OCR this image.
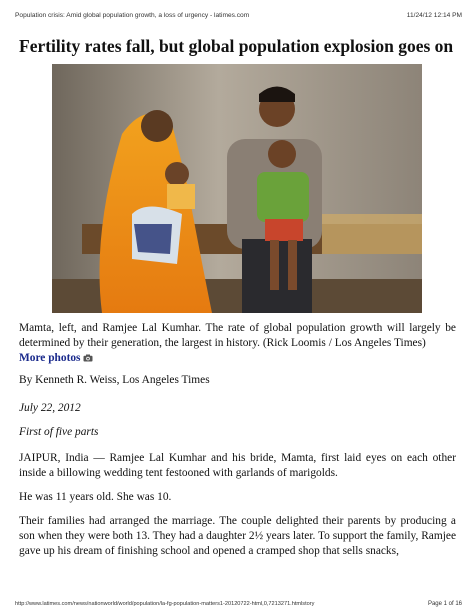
Population crisis: Amid global population growth, a loss of urgency - latimes.com	11/24/12 12:14 PM
Fertility rates fall, but global population explosion goes on

Mamta, left, and Ramjee Lal Kumhar. The rate of global population growth will largely be determined by their generation, the largest in history. (Rick Loomis / Los Angeles Times)
More photos

By Kenneth R. Weiss, Los Angeles Times

July 22, 2012

First of five parts

JAIPUR, India — Ramjee Lal Kumhar and his bride, Mamta, first laid eyes on each other inside a billowing wedding tent festooned with garlands of marigolds.

He was 11 years old. She was 10.

Their families had arranged the marriage. The couple delighted their parents by producing a son when they were both 13. They had a daughter 2½ years later. To support the family, Ramjee gave up his dream of finishing school and opened a cramped shop that sells snacks,

http://www.latimes.com/news/nationworld/world/population/la-fg-population-matters1-20120722-html,0,7213271.htmlstory	Page 1 of 16
